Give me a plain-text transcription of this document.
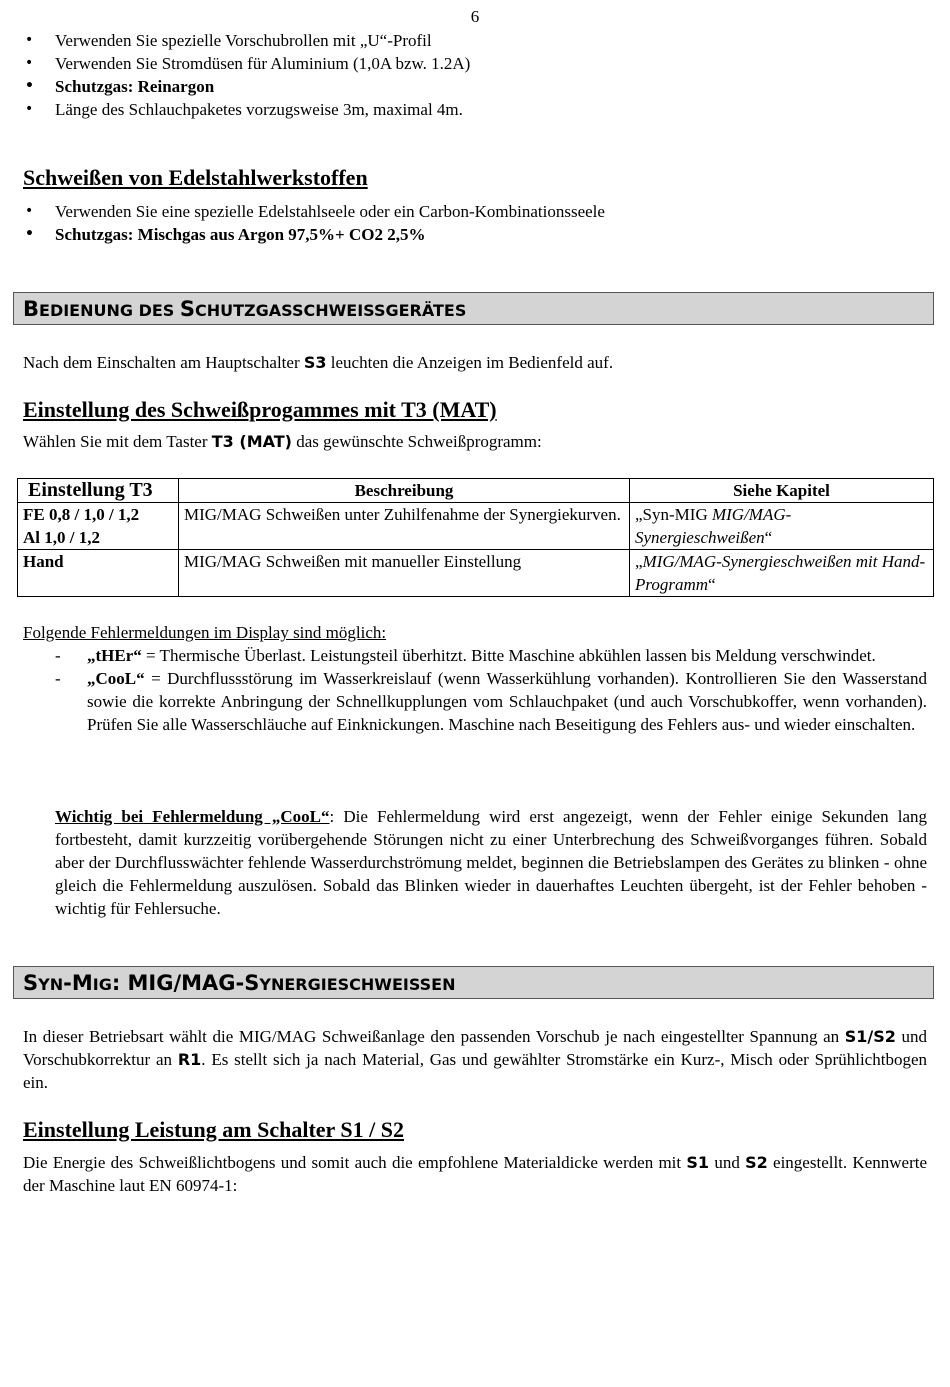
6
• Verwenden Sie spezielle Vorschubrollen mit „U“-Profil
• Verwenden Sie Stromdüsen für Aluminium (1,0A bzw. 1.2A)
• Schutzgas: Reinargon
• Länge des Schlauchpaketes vorzugsweise 3m, maximal 4m.
Schweißen von Edelstahlwerkstoffen
• Verwenden Sie eine spezielle Edelstahlseele oder ein Carbon-Kombinationsseele
• Schutzgas: Mischgas aus Argon 97,5%+ CO2 2,5%
BEDIENUNG DES SCHUTZGASSCHWEISSGERÄTES
Nach dem Einschalten am Hauptschalter S3 leuchten die Anzeigen im Bedienfeld auf.
Einstellung des Schweißprogammes mit T3 (MAT)
Wählen Sie mit dem Taster T3 (MAT) das gewünschte Schweißprogramm:
Einstellung T3	Beschreibung	Siehe Kapitel
FE 0,8 / 1,0 / 1,2
Al 1,0 / 1,2	MIG/MAG Schweißen unter Zuhilfenahme der Synergiekurven.	„Syn-MIG MIG/MAG-Synergieschweißen“
Hand	MIG/MAG Schweißen mit manueller Einstellung	„MIG/MAG-Synergieschweißen mit Hand-Programm“
Folgende Fehlermeldungen im Display sind möglich:
- „tHEr“ = Thermische Überlast. Leistungsteil überhitzt. Bitte Maschine abkühlen lassen bis Meldung verschwindet.
- „CooL“ = Durchflussstörung im Wasserkreislauf (wenn Wasserkühlung vorhanden). Kontrollieren Sie den Wasserstand sowie die korrekte Anbringung der Schnellkupplungen vom Schlauchpaket (und auch Vorschubkoffer, wenn vorhanden). Prüfen Sie alle Wasserschläuche auf Einknickungen. Maschine nach Beseitigung des Fehlers aus- und wieder einschalten.
Wichtig bei Fehlermeldung „CooL“: Die Fehlermeldung wird erst angezeigt, wenn der Fehler einige Sekunden lang fortbesteht, damit kurzzeitig vorübergehende Störungen nicht zu einer Unterbrechung des Schweißvorganges führen. Sobald aber der Durchflusswächter fehlende Wasserdurchströmung meldet, beginnen die Betriebslampen des Gerätes zu blinken - ohne gleich die Fehlermeldung auszulösen. Sobald das Blinken wieder in dauerhaftes Leuchten übergeht, ist der Fehler behoben - wichtig für Fehlersuche.
SYN-MIG: MIG/MAG-SYNERGIESCHWEISSEN
In dieser Betriebsart wählt die MIG/MAG Schweißanlage den passenden Vorschub je nach eingestellter Spannung an S1/S2 und Vorschubkorrektur an R1. Es stellt sich ja nach Material, Gas und gewählter Stromstärke ein Kurz-, Misch oder Sprühlichtbogen ein.
Einstellung Leistung am Schalter S1 / S2
Die Energie des Schweißlichtbogens und somit auch die empfohlene Materialdicke werden mit S1 und S2 eingestellt. Kennwerte der Maschine laut EN 60974-1:
